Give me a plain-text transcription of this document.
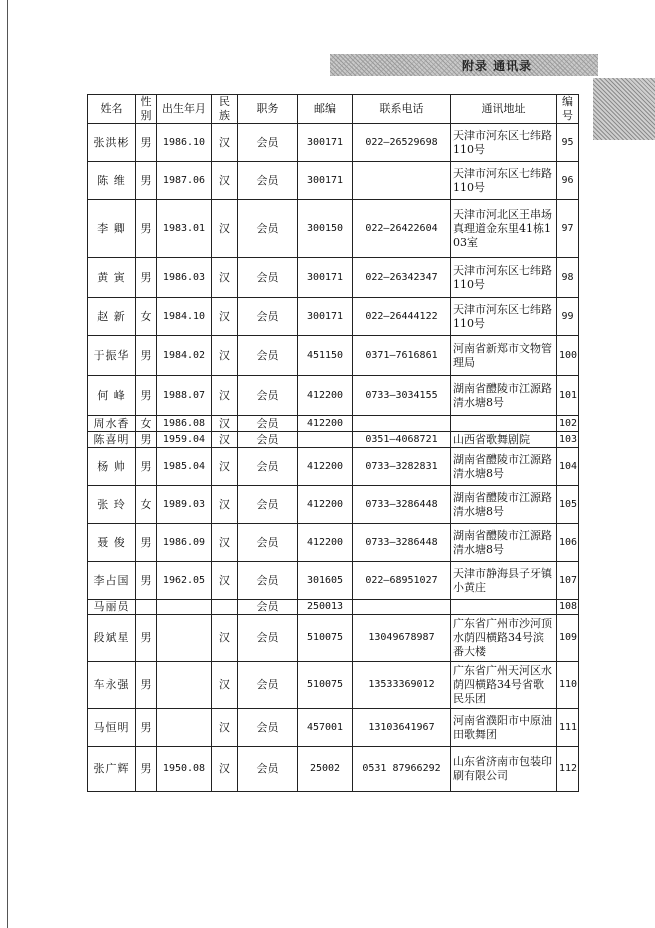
附录 通讯录
姓名	性别	出生年月	民族	职务	邮编	联系电话	通讯地址	编号
张洪彬	男	1986.10	汉	会员	300171	022—26529698	天津市河东区七纬路110号	95
陈 维	男	1987.06	汉	会员	300171		天津市河东区七纬路110号	96
李 卿	男	1983.01	汉	会员	300150	022—26422604	天津市河北区王串场真理道金东里41栋103室	97
黄 寅	男	1986.03	汉	会员	300171	022—26342347	天津市河东区七纬路110号	98
赵 新	女	1984.10	汉	会员	300171	022—26444122	天津市河东区七纬路110号	99
于振华	男	1984.02	汉	会员	451150	0371—7616861	河南省新郑市文物管理局	100
何 峰	男	1988.07	汉	会员	412200	0733—3034155	湖南省醴陵市江源路清水塘8号	101
周水香	女	1986.08	汉	会员	412200			102
陈喜明	男	1959.04	汉	会员		0351—4068721	山西省歌舞剧院	103
杨 帅	男	1985.04	汉	会员	412200	0733—3282831	湖南省醴陵市江源路清水塘8号	104
张 玲	女	1989.03	汉	会员	412200	0733—3286448	湖南省醴陵市江源路清水塘8号	105
聂 俊	男	1986.09	汉	会员	412200	0733—3286448	湖南省醴陵市江源路清水塘8号	106
李占国	男	1962.05	汉	会员	301605	022—68951027	天津市静海县子牙镇小黄庄	107
马丽员				会员	250013			108
段斌星	男		汉	会员	510075	13049678987	广东省广州市沙河顶水荫四横路34号滨番大楼	109
车永强	男		汉	会员	510075	13533369012	广东省广州天河区水荫四横路34号省歌民乐团	110
马恒明	男		汉	会员	457001	13103641967	河南省濮阳市中原油田歌舞团	111
张广辉	男	1950.08	汉	会员	25002	0531 87966292	山东省济南市包装印刷有限公司	112
